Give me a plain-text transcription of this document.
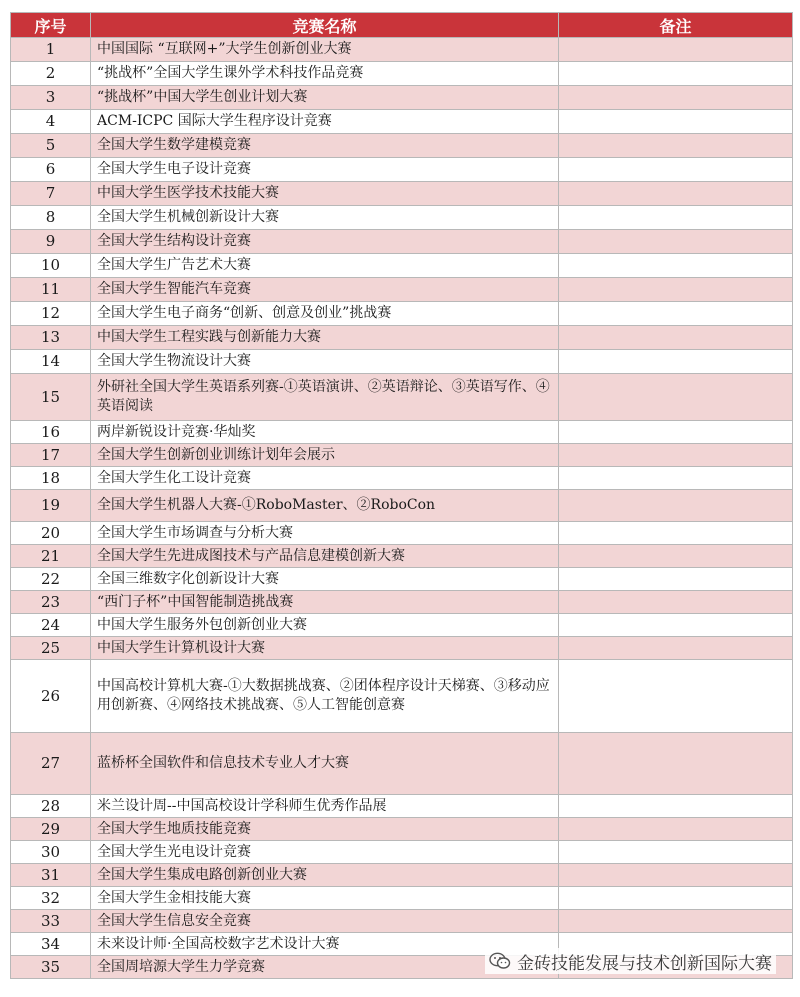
序号	竞赛名称	备注
1	中国国际 “互联网+”大学生创新创业大赛	
2	“挑战杯”全国大学生课外学术科技作品竞赛	
3	“挑战杯”中国大学生创业计划大赛	
4	ACM-ICPC 国际大学生程序设计竞赛	
5	全国大学生数学建模竞赛	
6	全国大学生电子设计竞赛	
7	中国大学生医学技术技能大赛	
8	全国大学生机械创新设计大赛	
9	全国大学生结构设计竞赛	
10	全国大学生广告艺术大赛	
11	全国大学生智能汽车竞赛	
12	全国大学生电子商务“创新、创意及创业”挑战赛	
13	中国大学生工程实践与创新能力大赛	
14	全国大学生物流设计大赛	
15	外研社全国大学生英语系列赛-①英语演讲、②英语辩论、③英语写作、④英语阅读	
16	两岸新锐设计竞赛·华灿奖	
17	全国大学生创新创业训练计划年会展示	
18	全国大学生化工设计竞赛	
19	全国大学生机器人大赛-①RoboMaster、②RoboCon	
20	全国大学生市场调查与分析大赛	
21	全国大学生先进成图技术与产品信息建模创新大赛	
22	全国三维数字化创新设计大赛	
23	“西门子杯”中国智能制造挑战赛	
24	中国大学生服务外包创新创业大赛	
25	中国大学生计算机设计大赛	
26	中国高校计算机大赛-①大数据挑战赛、②团体程序设计天梯赛、③移动应用创新赛、④网络技术挑战赛、⑤人工智能创意赛	
27	蓝桥杯全国软件和信息技术专业人才大赛	
28	米兰设计周--中国高校设计学科师生优秀作品展	
29	全国大学生地质技能竞赛	
30	全国大学生光电设计竞赛	
31	全国大学生集成电路创新创业大赛	
32	全国大学生金相技能大赛	
33	全国大学生信息安全竞赛	
34	未来设计师·全国高校数字艺术设计大赛	
35	全国周培源大学生力学竞赛		金砖技能发展与技术创新国际大赛
